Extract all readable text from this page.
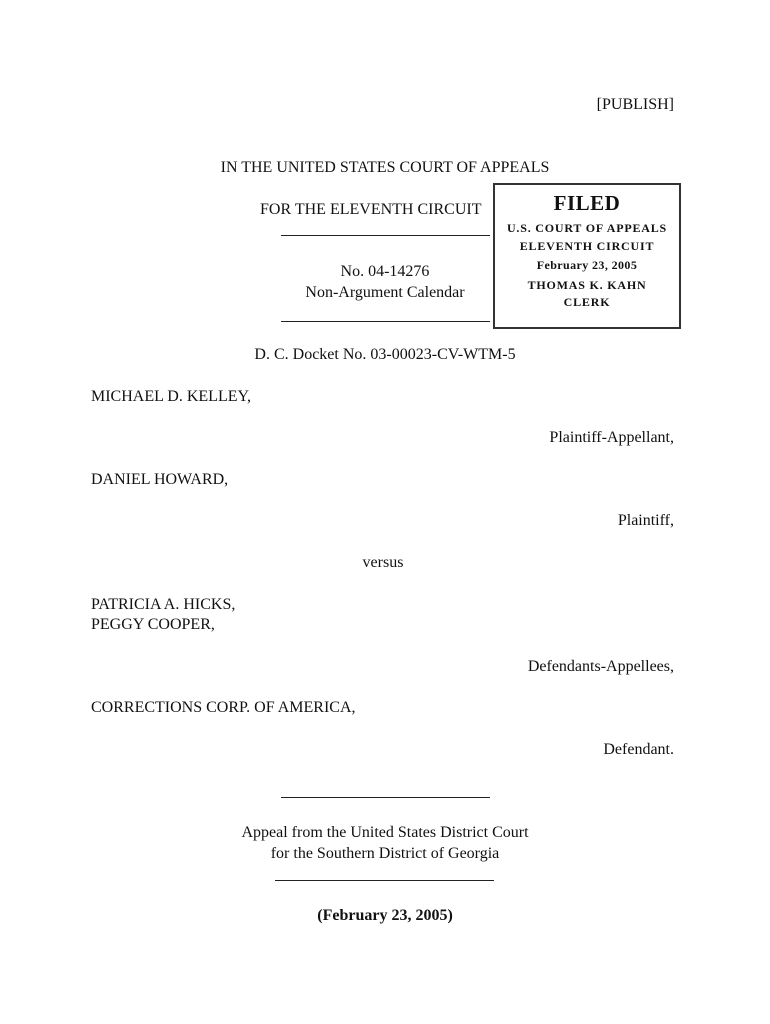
[PUBLISH]
IN THE UNITED STATES COURT OF APPEALS
FOR THE ELEVENTH CIRCUIT
No. 04-14276
Non-Argument Calendar
FILED
U.S. COURT OF APPEALS
ELEVENTH CIRCUIT
February 23, 2005
THOMAS K. KAHN
CLERK
D. C. Docket No. 03-00023-CV-WTM-5
MICHAEL D. KELLEY,
Plaintiff-Appellant,
DANIEL HOWARD,
Plaintiff,
versus
PATRICIA A. HICKS,
PEGGY COOPER,
Defendants-Appellees,
CORRECTIONS CORP. OF AMERICA,
Defendant.
Appeal from the United States District Court
for the Southern District of Georgia
(February 23, 2005)
